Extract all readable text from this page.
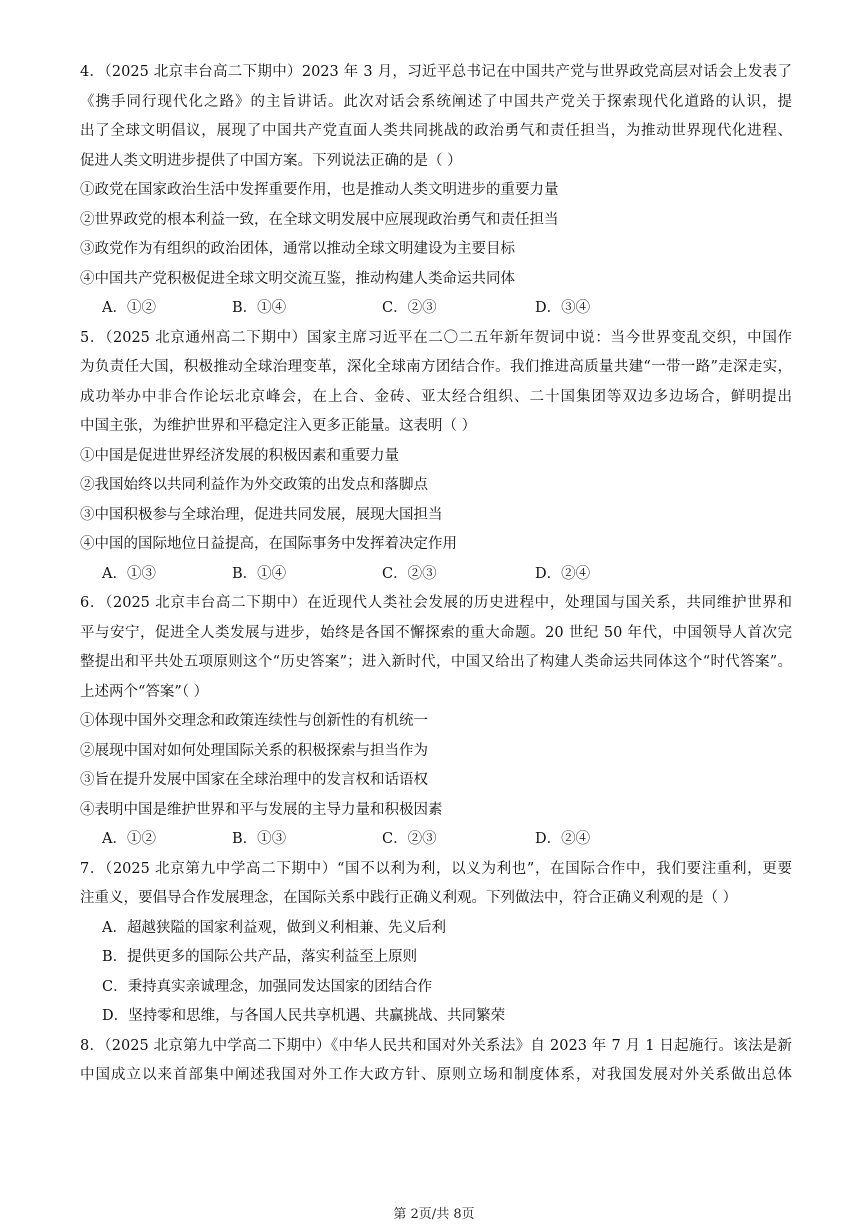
4．（2025 北京丰台高二下期中）2023 年 3 月，习近平总书记在中国共产党与世界政党高层对话会上发表了
《携手同行现代化之路》的主旨讲话。此次对话会系统阐述了中国共产党关于探索现代化道路的认识，提
出了全球文明倡议，展现了中国共产党直面人类共同挑战的政治勇气和责任担当，为推动世界现代化进程、
促进人类文明进步提供了中国方案。下列说法正确的是（ ）
①政党在国家政治生活中发挥重要作用，也是推动人类文明进步的重要力量
②世界政党的根本利益一致，在全球文明发展中应展现政治勇气和责任担当
③政党作为有组织的政治团体，通常以推动全球文明建设为主要目标
④中国共产党积极促进全球文明交流互鉴，推动构建人类命运共同体
A．①②	B．①④	C．②③	D．③④
5．（2025 北京通州高二下期中）国家主席习近平在二〇二五年新年贺词中说：当今世界变乱交织，中国作
为负责任大国，积极推动全球治理变革，深化全球南方团结合作。我们推进高质量共建“一带一路”走深走实，
成功举办中非合作论坛北京峰会，在上合、金砖、亚太经合组织、二十国集团等双边多边场合，鲜明提出
中国主张，为维护世界和平稳定注入更多正能量。这表明（ ）
①中国是促进世界经济发展的积极因素和重要力量
②我国始终以共同利益作为外交政策的出发点和落脚点
③中国积极参与全球治理，促进共同发展，展现大国担当
④中国的国际地位日益提高，在国际事务中发挥着决定作用
A．①③	B．①④	C．②③	D．②④
6．（2025 北京丰台高二下期中）在近现代人类社会发展的历史进程中，处理国与国关系，共同维护世界和
平与安宁，促进全人类发展与进步，始终是各国不懈探索的重大命题。20 世纪 50 年代，中国领导人首次完
整提出和平共处五项原则这个“历史答案”；进入新时代，中国又给出了构建人类命运共同体这个“时代答案”。
上述两个“答案”（ ）
①体现中国外交理念和政策连续性与创新性的有机统一
②展现中国对如何处理国际关系的积极探索与担当作为
③旨在提升发展中国家在全球治理中的发言权和话语权
④表明中国是维护世界和平与发展的主导力量和积极因素
A．①②	B．①③	C．②③	D．②④
7．（2025 北京第九中学高二下期中）“国不以利为利，以义为利也”，在国际合作中，我们要注重利，更要
注重义，要倡导合作发展理念，在国际关系中践行正确义利观。下列做法中，符合正确义利观的是（ ）
A．超越狭隘的国家利益观，做到义利相兼、先义后利
B．提供更多的国际公共产品，落实利益至上原则
C．秉持真实亲诚理念，加强同发达国家的团结合作
D．坚持零和思维，与各国人民共享机遇、共赢挑战、共同繁荣
8．（2025 北京第九中学高二下期中）《中华人民共和国对外关系法》自 2023 年 7 月 1 日起施行。该法是新
中国成立以来首部集中阐述我国对外工作大政方针、原则立场和制度体系，对我国发展对外关系做出总体
第 2页/共 8页
